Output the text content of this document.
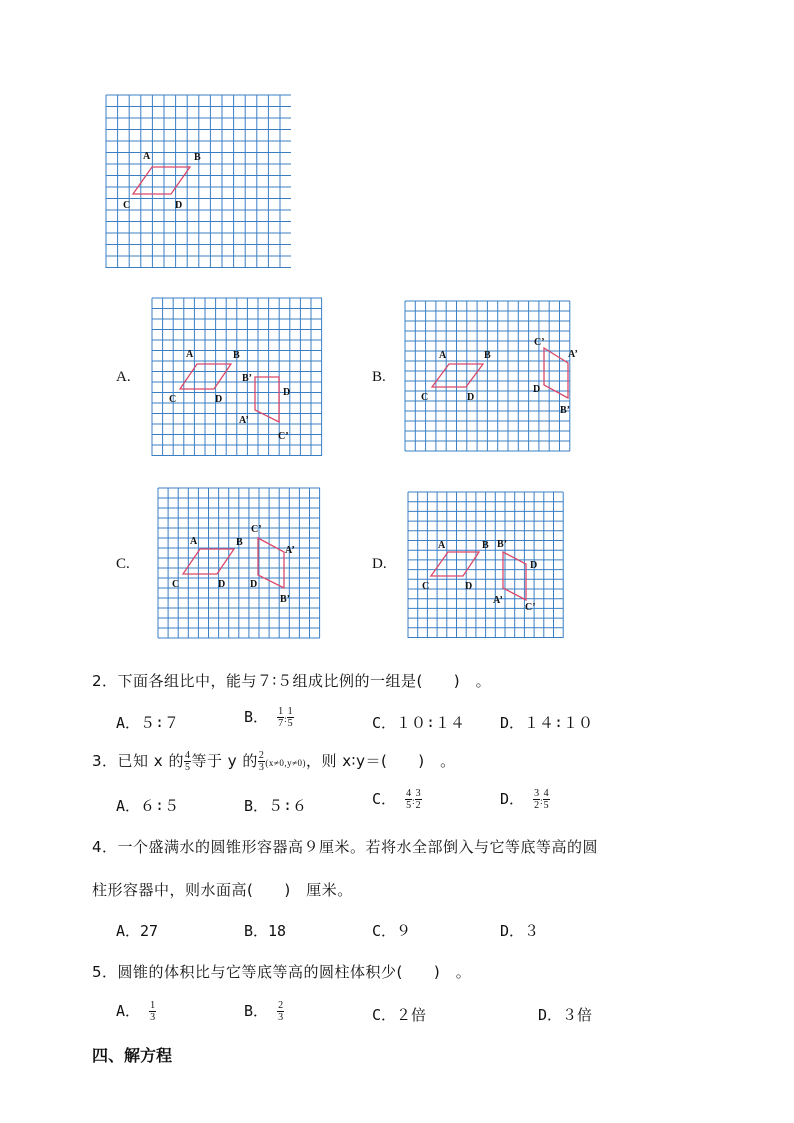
A	B
C	D
A.
A	B
C	D
B’
D
A’
C’
B.
A	B
C	D
C’
A’
D
B’
C.
A	B
C	D
C’
A’
D
B’
D.
A	B
C	D
B’
D
A’
C’
2．下面各组比中，能与７∶５组成比例的一组是(　　)　。
A．５∶７	B． $\frac{1}{7}$ : $\frac{1}{5}$	C．１０∶１４ D．１４∶１０
3．已知 x 的 $\frac{4}{5}$ 等于 y 的 $\frac{2}{3} (x\ne 0,y\ne 0)$，则 x∶y＝(　　)　。
A．６∶５	B．５∶６	C． $\frac{4}{5}$ : $\frac{3}{2}$	D． $\frac{3}{2}$ : $\frac{4}{5}$
4．一个盛满水的圆锥形容器高９厘米。若将水全部倒入与它等底等高的圆
柱形容器中，则水面高(　　)　厘米。
A．27	B．18	C．９	D．３
5．圆锥的体积比与它等底等高的圆柱体积少(　　)　。
A． $\frac{1}{3}$	B． $\frac{2}{3}$	C．２倍	D．３倍
四、解方程
